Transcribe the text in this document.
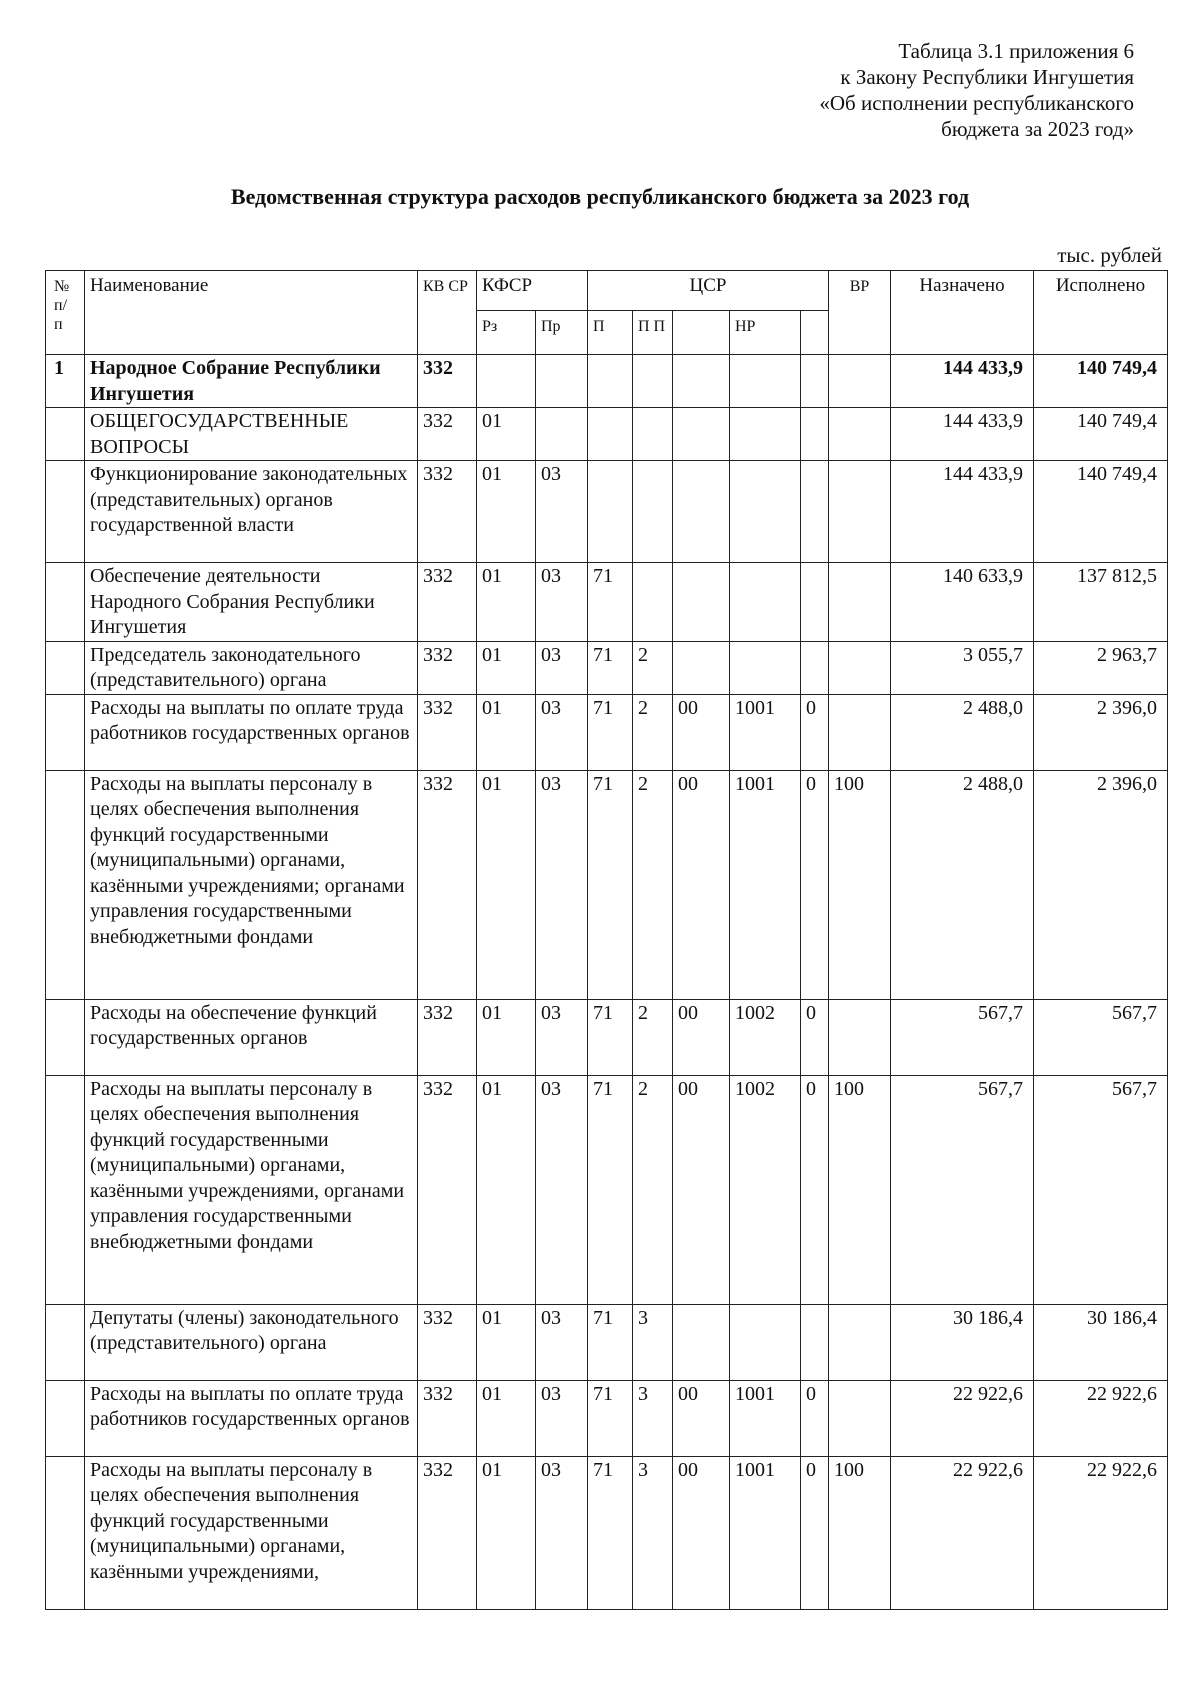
Таблица 3.1 приложения 6
к Закону Республики Ингушетия
«Об исполнении республиканского
бюджета за 2023 год»
Ведомственная структура расходов республиканского бюджета за 2023 год
тыс. рублей
№ п/ п	Наименование	КВ СР	КФСР		ЦСР					ВР	Назначено	Исполнено
			Рз	Пр	П	П П		НР				
1	Народное Собрание Республики Ингушетия	332									144 433,9	140 749,4
	ОБЩЕГОСУДАРСТВЕННЫЕ ВОПРОСЫ	332	01								144 433,9	140 749,4
	Функционирование законодательных (представительных) органов государственной власти	332	01	03							144 433,9	140 749,4
	Обеспечение деятельности Народного Собрания Республики Ингушетия	332	01	03	71						140 633,9	137 812,5
	Председатель законодательного (представительного) органа	332	01	03	71	2					3 055,7	2 963,7
	Расходы на выплаты по оплате труда работников государственных органов	332	01	03	71	2	00	1001	0		2 488,0	2 396,0
	Расходы на выплаты персоналу в целях обеспечения выполнения функций государственными (муниципальными) органами, казёнными учреждениями; органами управления государственными внебюджетными фондами	332	01	03	71	2	00	1001	0	100	2 488,0	2 396,0
	Расходы на обеспечение функций государственных органов	332	01	03	71	2	00	1002	0		567,7	567,7
	Расходы на выплаты персоналу в целях обеспечения выполнения функций государственными (муниципальными) органами, казёнными учреждениями, органами управления государственными внебюджетными фондами	332	01	03	71	2	00	1002	0	100	567,7	567,7
	Депутаты (члены) законодательного (представительного) органа	332	01	03	71	3					30 186,4	30 186,4
	Расходы на выплаты по оплате труда работников государственных органов	332	01	03	71	3	00	1001	0		22 922,6	22 922,6
	Расходы на выплаты персоналу в целях обеспечения выполнения функций государственными (муниципальными) органами, казёнными учреждениями,	332	01	03	71	3	00	1001	0	100	22 922,6	22 922,6
